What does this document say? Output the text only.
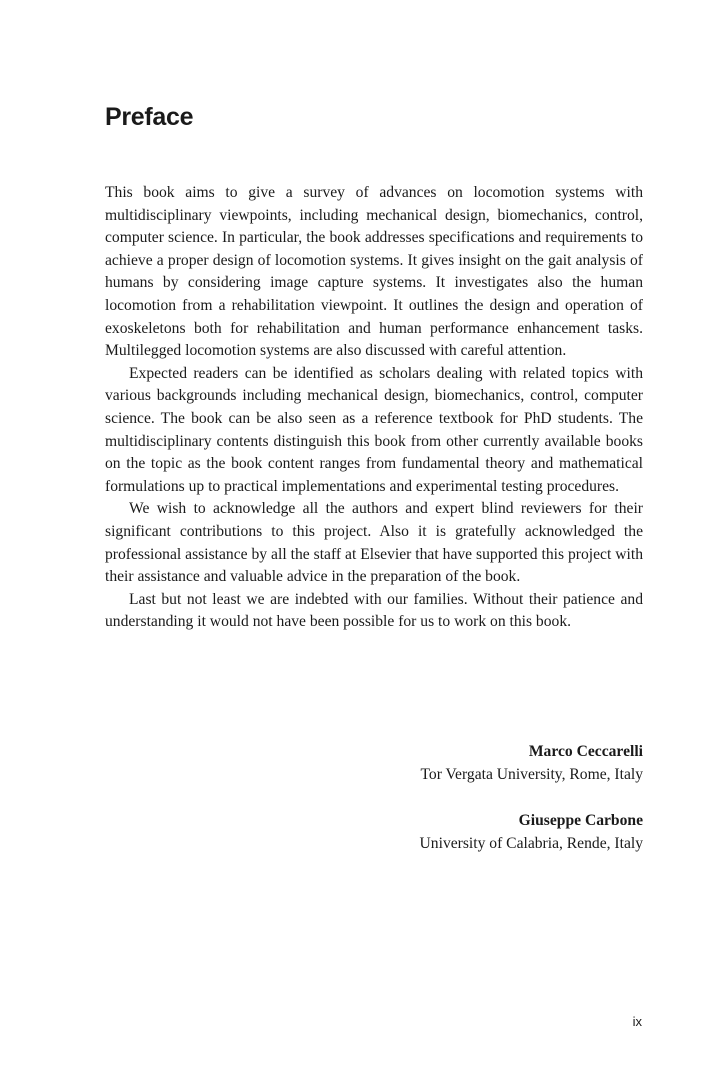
Preface

This book aims to give a survey of advances on locomotion systems with multidisciplinary viewpoints, including mechanical design, biomechanics, control, computer science. In particular, the book addresses specifications and requirements to achieve a proper design of locomotion systems. It gives insight on the gait analysis of humans by considering image capture systems. It investigates also the human locomotion from a rehabilitation viewpoint. It outlines the design and operation of exoskeletons both for rehabilitation and human performance enhancement tasks. Multilegged locomotion systems are also discussed with careful attention.

Expected readers can be identified as scholars dealing with related topics with various backgrounds including mechanical design, biomechanics, control, computer science. The book can be also seen as a reference textbook for PhD students. The multidisciplinary contents distinguish this book from other currently available books on the topic as the book content ranges from fundamental theory and mathematical formulations up to practical implementations and experimental testing procedures.

We wish to acknowledge all the authors and expert blind reviewers for their significant contributions to this project. Also it is gratefully acknowledged the professional assistance by all the staff at Elsevier that have supported this project with their assistance and valuable advice in the preparation of the book.

Last but not least we are indebted with our families. Without their patience and understanding it would not have been possible for us to work on this book.

Marco Ceccarelli
Tor Vergata University, Rome, Italy
Giuseppe Carbone
University of Calabria, Rende, Italy
ix
